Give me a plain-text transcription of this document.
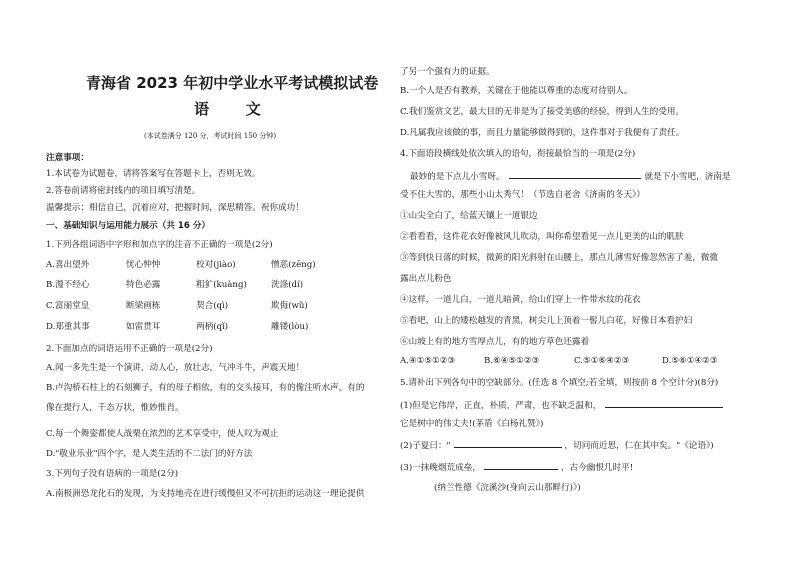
青海省 2023 年初中学业水平考试模拟试卷
语 文
(本试卷满分 120 分，考试时间 150 分钟)
注意事项：
1.本试卷为试题卷，请将答案写在答题卡上，否则无效。
2.答卷前请将密封线内的项目填写清楚。
温馨提示：相信自己，沉着应对，把握时间，深思精答。祝你成功！
一、基础知识与运用能力展示（共 16 分）
1.下列各组词语中字形和加点字的注音不正确的一项是(2分)
A.喜出望外	忧心忡忡	校对(jiào)	憎恶(zēng)
B.漫不经心	特色必露	粗犷(kuàng)	洗涤(dí)
C.富丽堂皇	断梁画栋	契合(qì)	欺侮(wǔ)
D.郑重其事	如雷贯耳	两柄(qǐ)	雕镂(lòu)
2.下面加点的词语运用不正确的一项是(2分)
A.闻一多先生是一个演讲，动人心，放壮志，气冲斗牛，声震天地！
B.卢沟桥石柱上的石刻狮子，有的母子相依，有的交头接耳，有的像注听水声，有的
像在提行人，千态万状，惟妙惟肖。
C.每一个舞姿都使人战栗在浓烈的艺术享受中，使人叹为观止
D."敬业乐业"四个字，是人类生活的不二法门的好方法
3.下列句子没有语病的一项是(2分)
A.南极洲恐龙化石的发现，为支持地壳在进行缓慢但又不可抗拒的运动这一理论提供
了另一个强有力的证据。
B.一个人是否有教养，关键在于他能以尊重的态度对待别人。
C.我们鉴赏文艺，最大目的无非是为了接受美感的经验，得到人生的受用。
D.凡属我应该做的事，而且力量能够做得到的，这件事对于我便有了责任。
4.下面语段横线处依次填入的语句，衔接最恰当的一项是(2分)
最妙的是下点儿小雪呀。	就是下小雪吧，济南是
受不住大雪的，那些小山太秀气！（节选自老舍《济南的冬天》）
①山尖全白了，给蓝天镶上一道银边
②看看看，这件花衣好像被风儿吹动，叫你希望看见一点儿更美的山的肌肤
③等到快日落的时候，微黄的阳光斜射在山腰上，那点儿薄雪好像忽然害了羞，微微
露出点儿粉色
④这样，一道儿白，一道儿暗黄，给山们穿上一件带水纹的花衣
⑤看吧，山上的矮松越发的青黑，树尖儿上顶着一髻儿白花，好像日本看护妇
⑥山坡上有的地方雪厚点儿，有的地方草色还露着
A.④①⑤①②③	B.⑥④⑤①②③	C.⑤①⑥④②③	D.⑤⑥①④②③
5.请补出下列各句中的空缺部分。(任选 8 个填空;若全填，则按前 8 个空计分)(8分)
(1)但是它伟岸，正直，朴质，严肃，也不缺乏温和，
它是树中的伟丈夫!(茅盾《白杨礼赞》)
(2)子夏曰："	，切问而近思，仁在其中矣。"《论语》)
(3)一抹晚烟荒成垒，	，古今幽恨几时平!
(纳兰性德《浣溪沙(身向云山那畔行)》)
